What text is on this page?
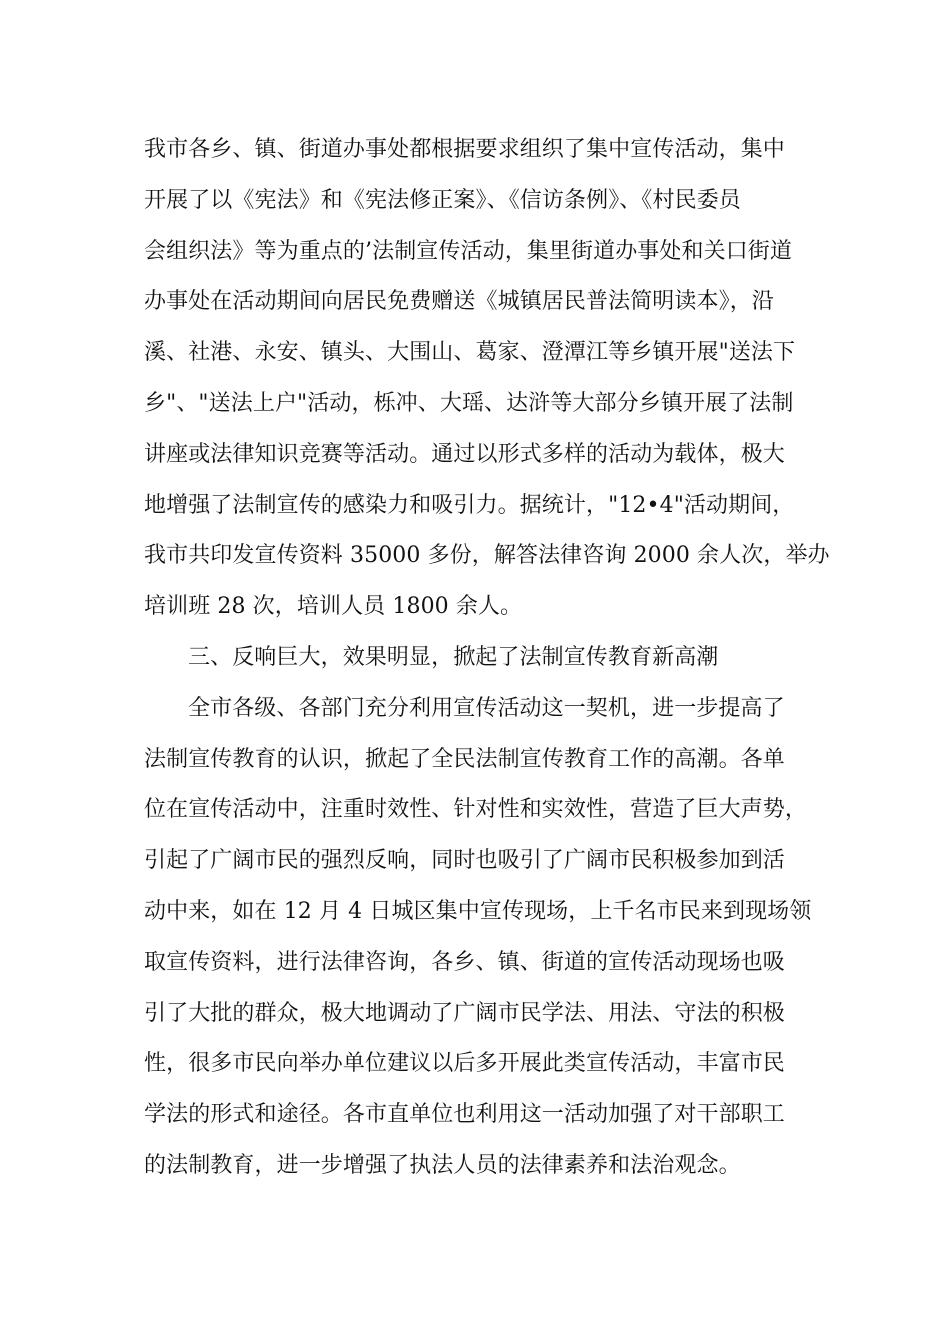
我市各乡、镇、街道办事处都根据要求组织了集中宣传活动，集中
开展了以《宪法》和《宪法修正案》、《信访条例》、《村民委员
会组织法》等为重点的’法制宣传活动，集里街道办事处和关口街道
办事处在活动期间向居民免费赠送《城镇居民普法简明读本》，沿
溪、社港、永安、镇头、大围山、葛家、澄潭江等乡镇开展"送法下
乡"、"送法上户"活动，栎冲、大瑶、达浒等大部分乡镇开展了法制
讲座或法律知识竞赛等活动。通过以形式多样的活动为载体，极大
地增强了法制宣传的感染力和吸引力。据统计，"12•4"活动期间，
我市共印发宣传资料 35000 多份，解答法律咨询 2000 余人次，举办
培训班 28 次，培训人员 1800 余人。
三、反响巨大，效果明显，掀起了法制宣传教育新高潮
全市各级、各部门充分利用宣传活动这一契机，进一步提高了
法制宣传教育的认识，掀起了全民法制宣传教育工作的高潮。各单
位在宣传活动中，注重时效性、针对性和实效性，营造了巨大声势，
引起了广阔市民的强烈反响，同时也吸引了广阔市民积极参加到活
动中来，如在 12 月 4 日城区集中宣传现场，上千名市民来到现场领
取宣传资料，进行法律咨询，各乡、镇、街道的宣传活动现场也吸
引了大批的群众，极大地调动了广阔市民学法、用法、守法的积极
性，很多市民向举办单位建议以后多开展此类宣传活动，丰富市民
学法的形式和途径。各市直单位也利用这一活动加强了对干部职工
的法制教育，进一步增强了执法人员的法律素养和法治观念。
